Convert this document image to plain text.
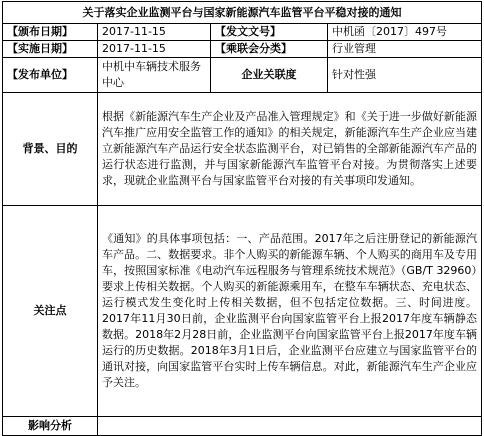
关于落实企业监测平台与国家新能源汽车监管平台平稳对接的通知			
【颁布日期】	2017-11-15	【发文文号】	中机函〔2017〕497号
【实施日期】	2017-11-15	【乘联会分类】	行业管理
【发布单位】	中机中车辆技术服务中心	企业关联度	针对性强
背景、目的	根据《新能源汽车生产企业及产品准入管理规定》和《关于进一步做好新能源汽车推广应用安全监管工作的通知》的相关规定，新能源汽车生产企业应当建立新能源汽车产品运行安全状态监测平台，对已销售的全部新能源汽车产品的运行状态进行监测，并与国家新能源汽车监管平台对接。为贯彻落实上述要求，现就企业监测平台与国家监管平台对接的有关事项印发通知。		
关注点	《通知》的具体事项包括：一、产品范围。2017年之后注册登记的新能源汽车产品。二、数据要求。非个人购买的新能源车辆、个人购买的商用车及专用车，按照国家标准《电动汽车远程服务与管理系统技术规范》（GB/T 32960）要求上传相关数据。个人购买的新能源乘用车，在整车车辆状态、充电状态、运行模式发生变化时上传相关数据，但不包括定位数据。三、时间进度。2017年11月30日前，企业监测平台向国家监管平台上报2017年度车辆静态数据。2018年2月28日前，企业监测平台向国家监管平台上报2017年度车辆运行的历史数据。2018年3月1日后，企业监测平台应建立与国家监管平台的通讯对接，向国家监管平台实时上传车辆信息。对此，新能源汽车生产企业应予关注。		
影响分析			
